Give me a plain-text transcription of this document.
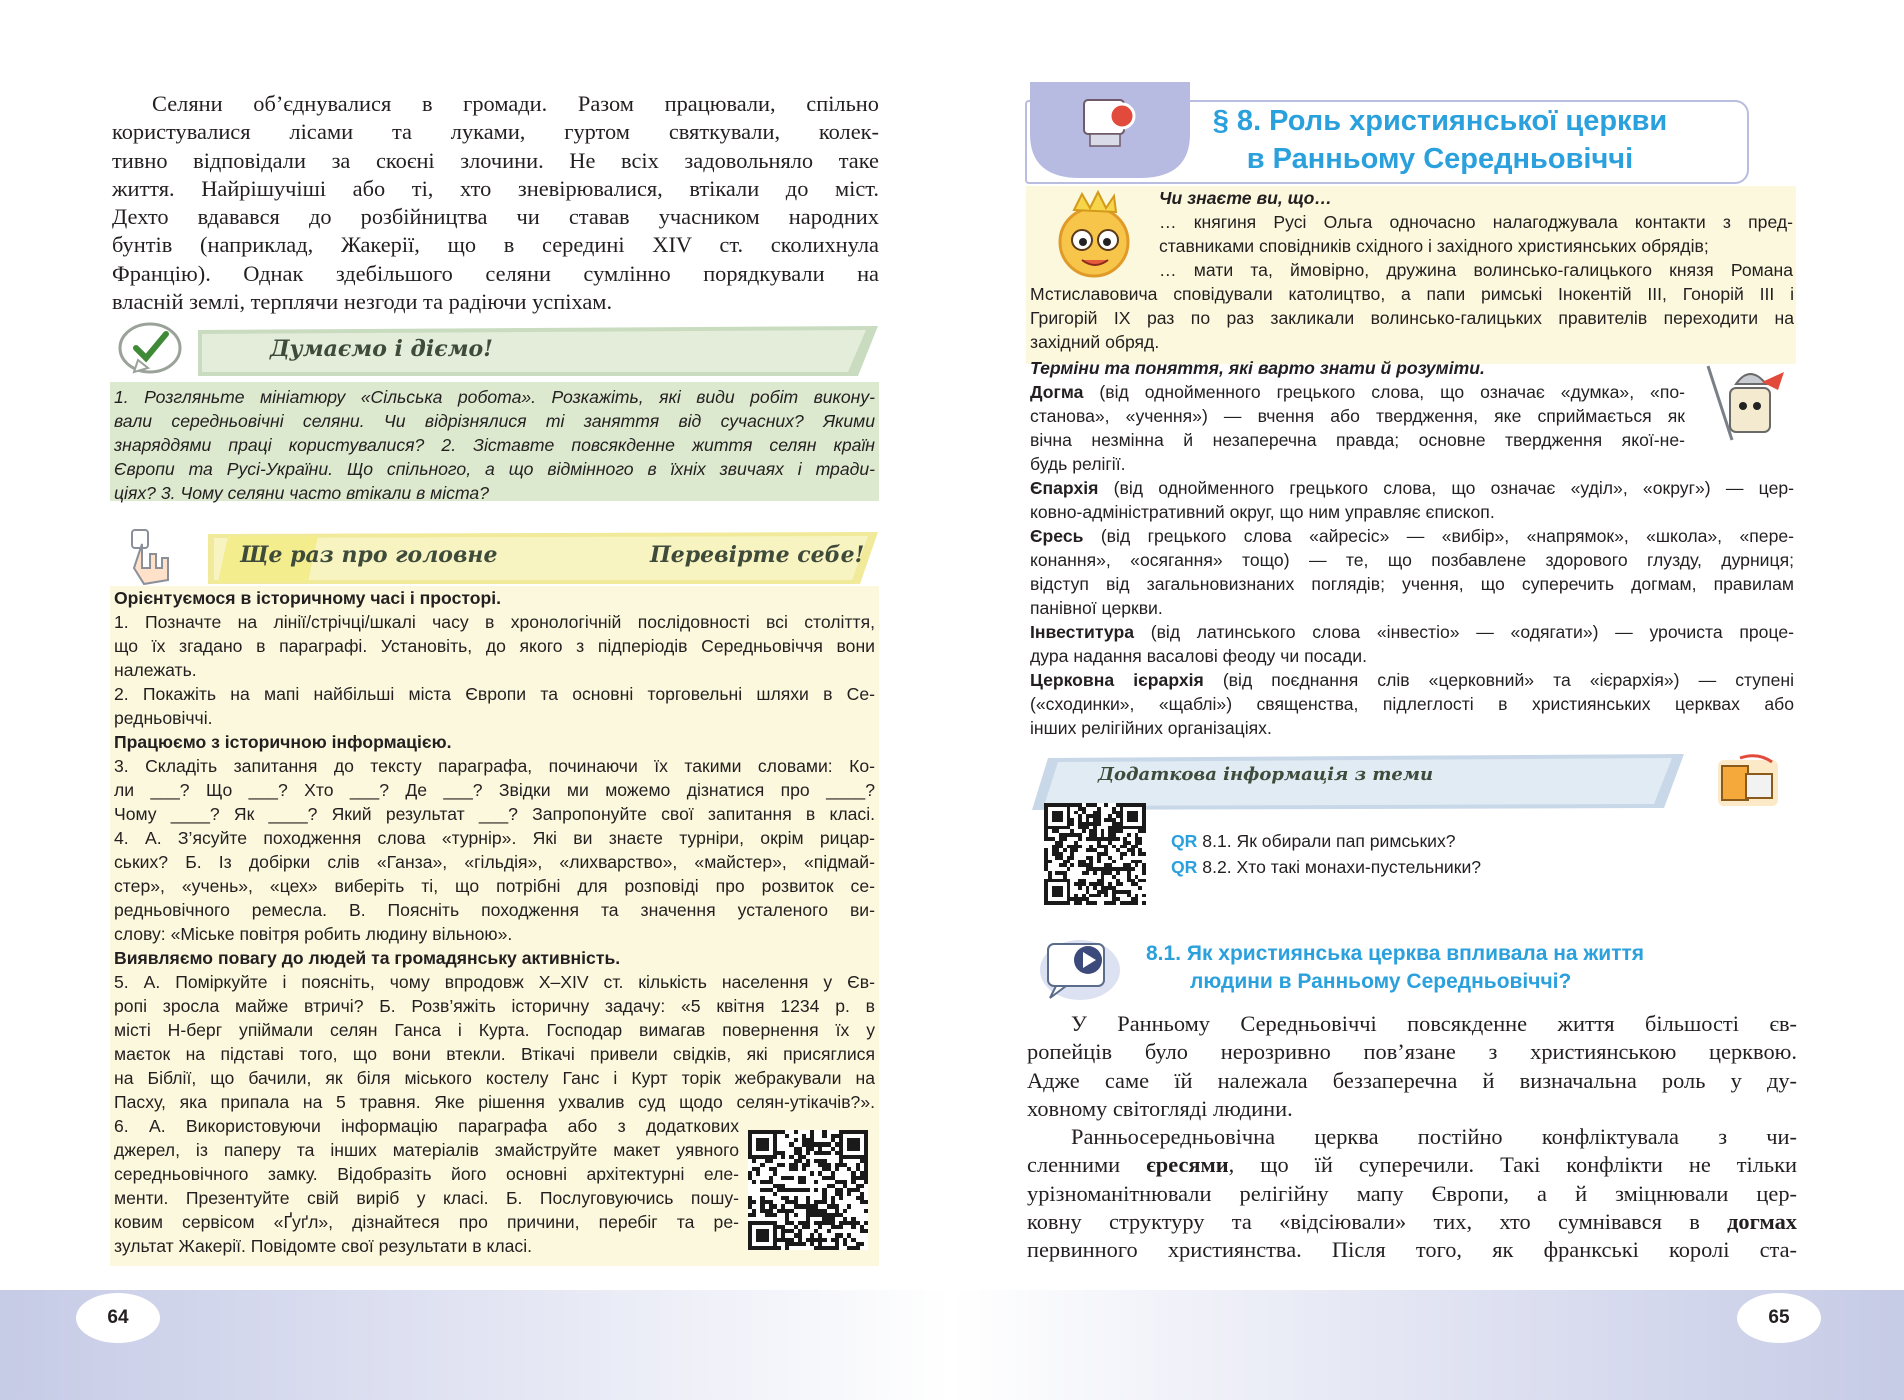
64	65
Селяни об’єднувалися в громади. Разом працювали, спільно
користувалися лісами та луками, гуртом святкували, колек-
тивно відповідали за скоєні злочини. Не всіх задовольняло таке
життя. Найрішучіші або ті, хто зневірювалися, втікали до міст.
Дехто вдавався до розбійництва чи ставав учасником народних
бунтів (наприклад, Жакерії, що в середині XIV ст. сколихнула
Францію). Однак здебільшого селяни сумлінно порядкували на
власній землі, терплячи незгоди та радіючи успіхам.
Думаємо і діємо!
1. Розгляньте мініатюру «Сільська робота». Розкажіть, які види робіт викону-
вали середньовічні селяни. Чи відрізнялися ті заняття від сучасних? Якими
знаряддями праці користувалися? 2. Зіставте повсякденне життя селян країн
Європи та Русі-України. Що спільного, а що відмінного в їхніх звичаях і тради-
ціях? 3. Чому селяни часто втікали в міста?
Ще раз про головне	Перевірте себе!
Орієнтуємося в історичному часі і просторі.
1. Позначте на лінії/стрічці/шкалі часу в хронологічній послідовності всі століття,
що їх згадано в параграфі. Установіть, до якого з підперіодів Середньовіччя вони
належать.
2. Покажіть на мапі найбільші міста Європи та основні торговельні шляхи в Се-
редньовіччі.
Працюємо з історичною інформацією.
3. Складіть запитання до тексту параграфа, починаючи їх такими словами: Ко-
ли ___? Що ___? Хто ___? Де ___? Звідки ми можемо дізнатися про ____?
Чому ____? Як ____? Який результат ___? Запропонуйте свої запитання в класі.
4. А. З’ясуйте походження слова «турнір». Які ви знаєте турніри, окрім рицар-
ських? Б. Із добірки слів «Ганза», «гільдія», «лихварство», «майстер», «підмай-
стер», «учень», «цех» виберіть ті, що потрібні для розповіді про розвиток се-
редньовічного ремесла. В. Поясніть походження та значення усталеного ви-
слову: «Міське повітря робить людину вільною».
Виявляємо повагу до людей та громадянську активність.
5. А. Поміркуйте і поясніть, чому впродовж X–XIV ст. кількість населення у Єв-
ропі зросла майже втричі? Б. Розв’яжіть історичну задачу: «5 квітня 1234 р. в
місті Н-берг упіймали селян Ганса і Курта. Господар вимагав повернення їх у
маєток на підставі того, що вони втекли. Втікачі привели свідків, які присяглися
на Біблії, що бачили, як біля міського костелу Ганс і Курт торік жебракували на
Пасху, яка припала на 5 травня. Яке рішення ухвалив суд щодо селян-утікачів?».
6. А. Використовуючи інформацію параграфа або з додаткових
джерел, із паперу та інших матеріалів змайструйте макет уявного
середньовічного замку. Відобразіть його основні архітектурні еле-
менти. Презентуйте свій виріб у класі. Б. Послуговуючись пошу-
ковим сервісом «Ґуґл», дізнайтеся про причини, перебіг та ре-
зультат Жакерії. Повідомте свої результати в класі.
§ 8. Роль християнської церкви
в Ранньому Середньовіччі
Чи знаєте ви, що…
… княгиня Русі Ольга одночасно налагоджувала контакти з пред-
ставниками сповідників східного і західного християнських обрядів;
… мати та, ймовірно, дружина волинсько-галицького князя Романа
Мстиславовича сповідували католицтво, а папи римські Інокентій III, Гонорій III і
Григорій IX раз по раз закликали волинсько-галицьких правителів переходити на
західний обряд.
Терміни та поняття, які варто знати й розуміти.
Догма (від однойменного грецького слова, що означає «думка», «по-
станова», «учення») — вчення або твердження, яке сприймається як
вічна незмінна й незаперечна правда; основне твердження якої-не-
будь релігії.
Єпархія (від однойменного грецького слова, що означає «уділ», «округ») — цер-
ковно-адміністративний округ, що ним управляє єпископ.
Єресь (від грецького слова «айресіс» — «вибір», «напрямок», «школа», «пере-
конання», «осягання» тощо) — те, що позбавлене здорового глузду, дурниця;
відступ від загальновизнаних поглядів; учення, що суперечить догмам, правилам
панівної церкви.
Інвеститура (від латинського слова «інвестіо» — «одягати») — урочиста проце-
дура надання васалові феоду чи посади.
Церковна ієрархія (від поєднання слів «церковний» та «ієрархія») — ступені
(«сходинки», «щаблі») священства, підлеглості в християнських церквах або
інших релігійних організаціях.
Додаткова інформація з теми
QR 8.1. Як обирали пап римських?
QR 8.2. Хто такі монахи-пустельники?
8.1. Як християнська церква впливала на життя
людини в Ранньому Середньовіччі?
У Ранньому Середньовіччі повсякденне життя більшості єв-
ропейців було нерозривно пов’язане з християнською церквою.
Адже саме їй належала беззаперечна й визначальна роль у ду-
ховному світогляді людини.
Ранньосередньовічна церква постійно конфліктувала з чи-
сленними єресями, що їй суперечили. Такі конфлікти не тільки
урізноманітнювали релігійну мапу Європи, а й зміцнювали цер-
ковну структуру та «відсіювали» тих, хто сумнівався в догмах
первинного християнства. Після того, як франкські королі ста-
